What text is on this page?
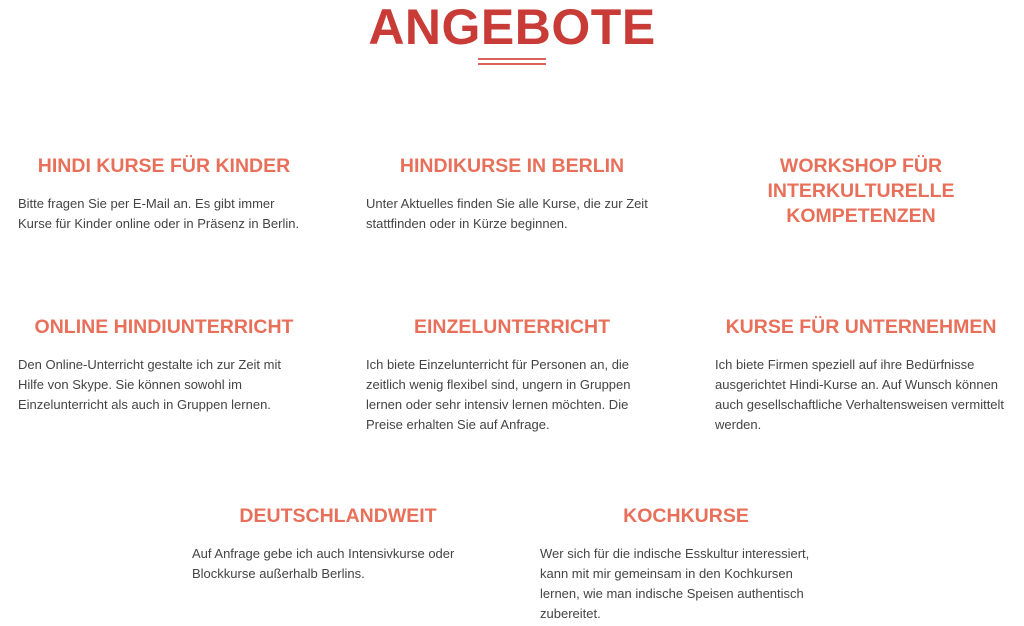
ANGEBOTE
HINDI KURSE FÜR KINDER

Bitte fragen Sie per E-Mail an. Es gibt immer Kurse für Kinder online oder in Präsenz in Berlin.

HINDIKURSE IN BERLIN

Unter Aktuelles finden Sie alle Kurse, die zur Zeit stattfinden oder in Kürze beginnen.

WORKSHOP FÜR INTERKULTURELLE KOMPETENZEN

ONLINE HINDIUNTERRICHT

Den Online-Unterricht gestalte ich zur Zeit mit Hilfe von Skype. Sie können sowohl im Einzelunterricht als auch in Gruppen lernen.

EINZELUNTERRICHT

Ich biete Einzelunterricht für Personen an, die zeitlich wenig flexibel sind, ungern in Gruppen lernen oder sehr intensiv lernen möchten. Die Preise erhalten Sie auf Anfrage.

KURSE FÜR UNTERNEHMEN

Ich biete Firmen speziell auf ihre Bedürfnisse ausgerichtet Hindi-Kurse an. Auf Wunsch können auch gesellschaftliche Verhaltensweisen vermittelt werden.

DEUTSCHLANDWEIT

Auf Anfrage gebe ich auch Intensivkurse oder Blockkurse außerhalb Berlins.

KOCHKURSE

Wer sich für die indische Esskultur interessiert, kann mit mir gemeinsam in den Kochkursen lernen, wie man indische Speisen authentisch zubereitet.
